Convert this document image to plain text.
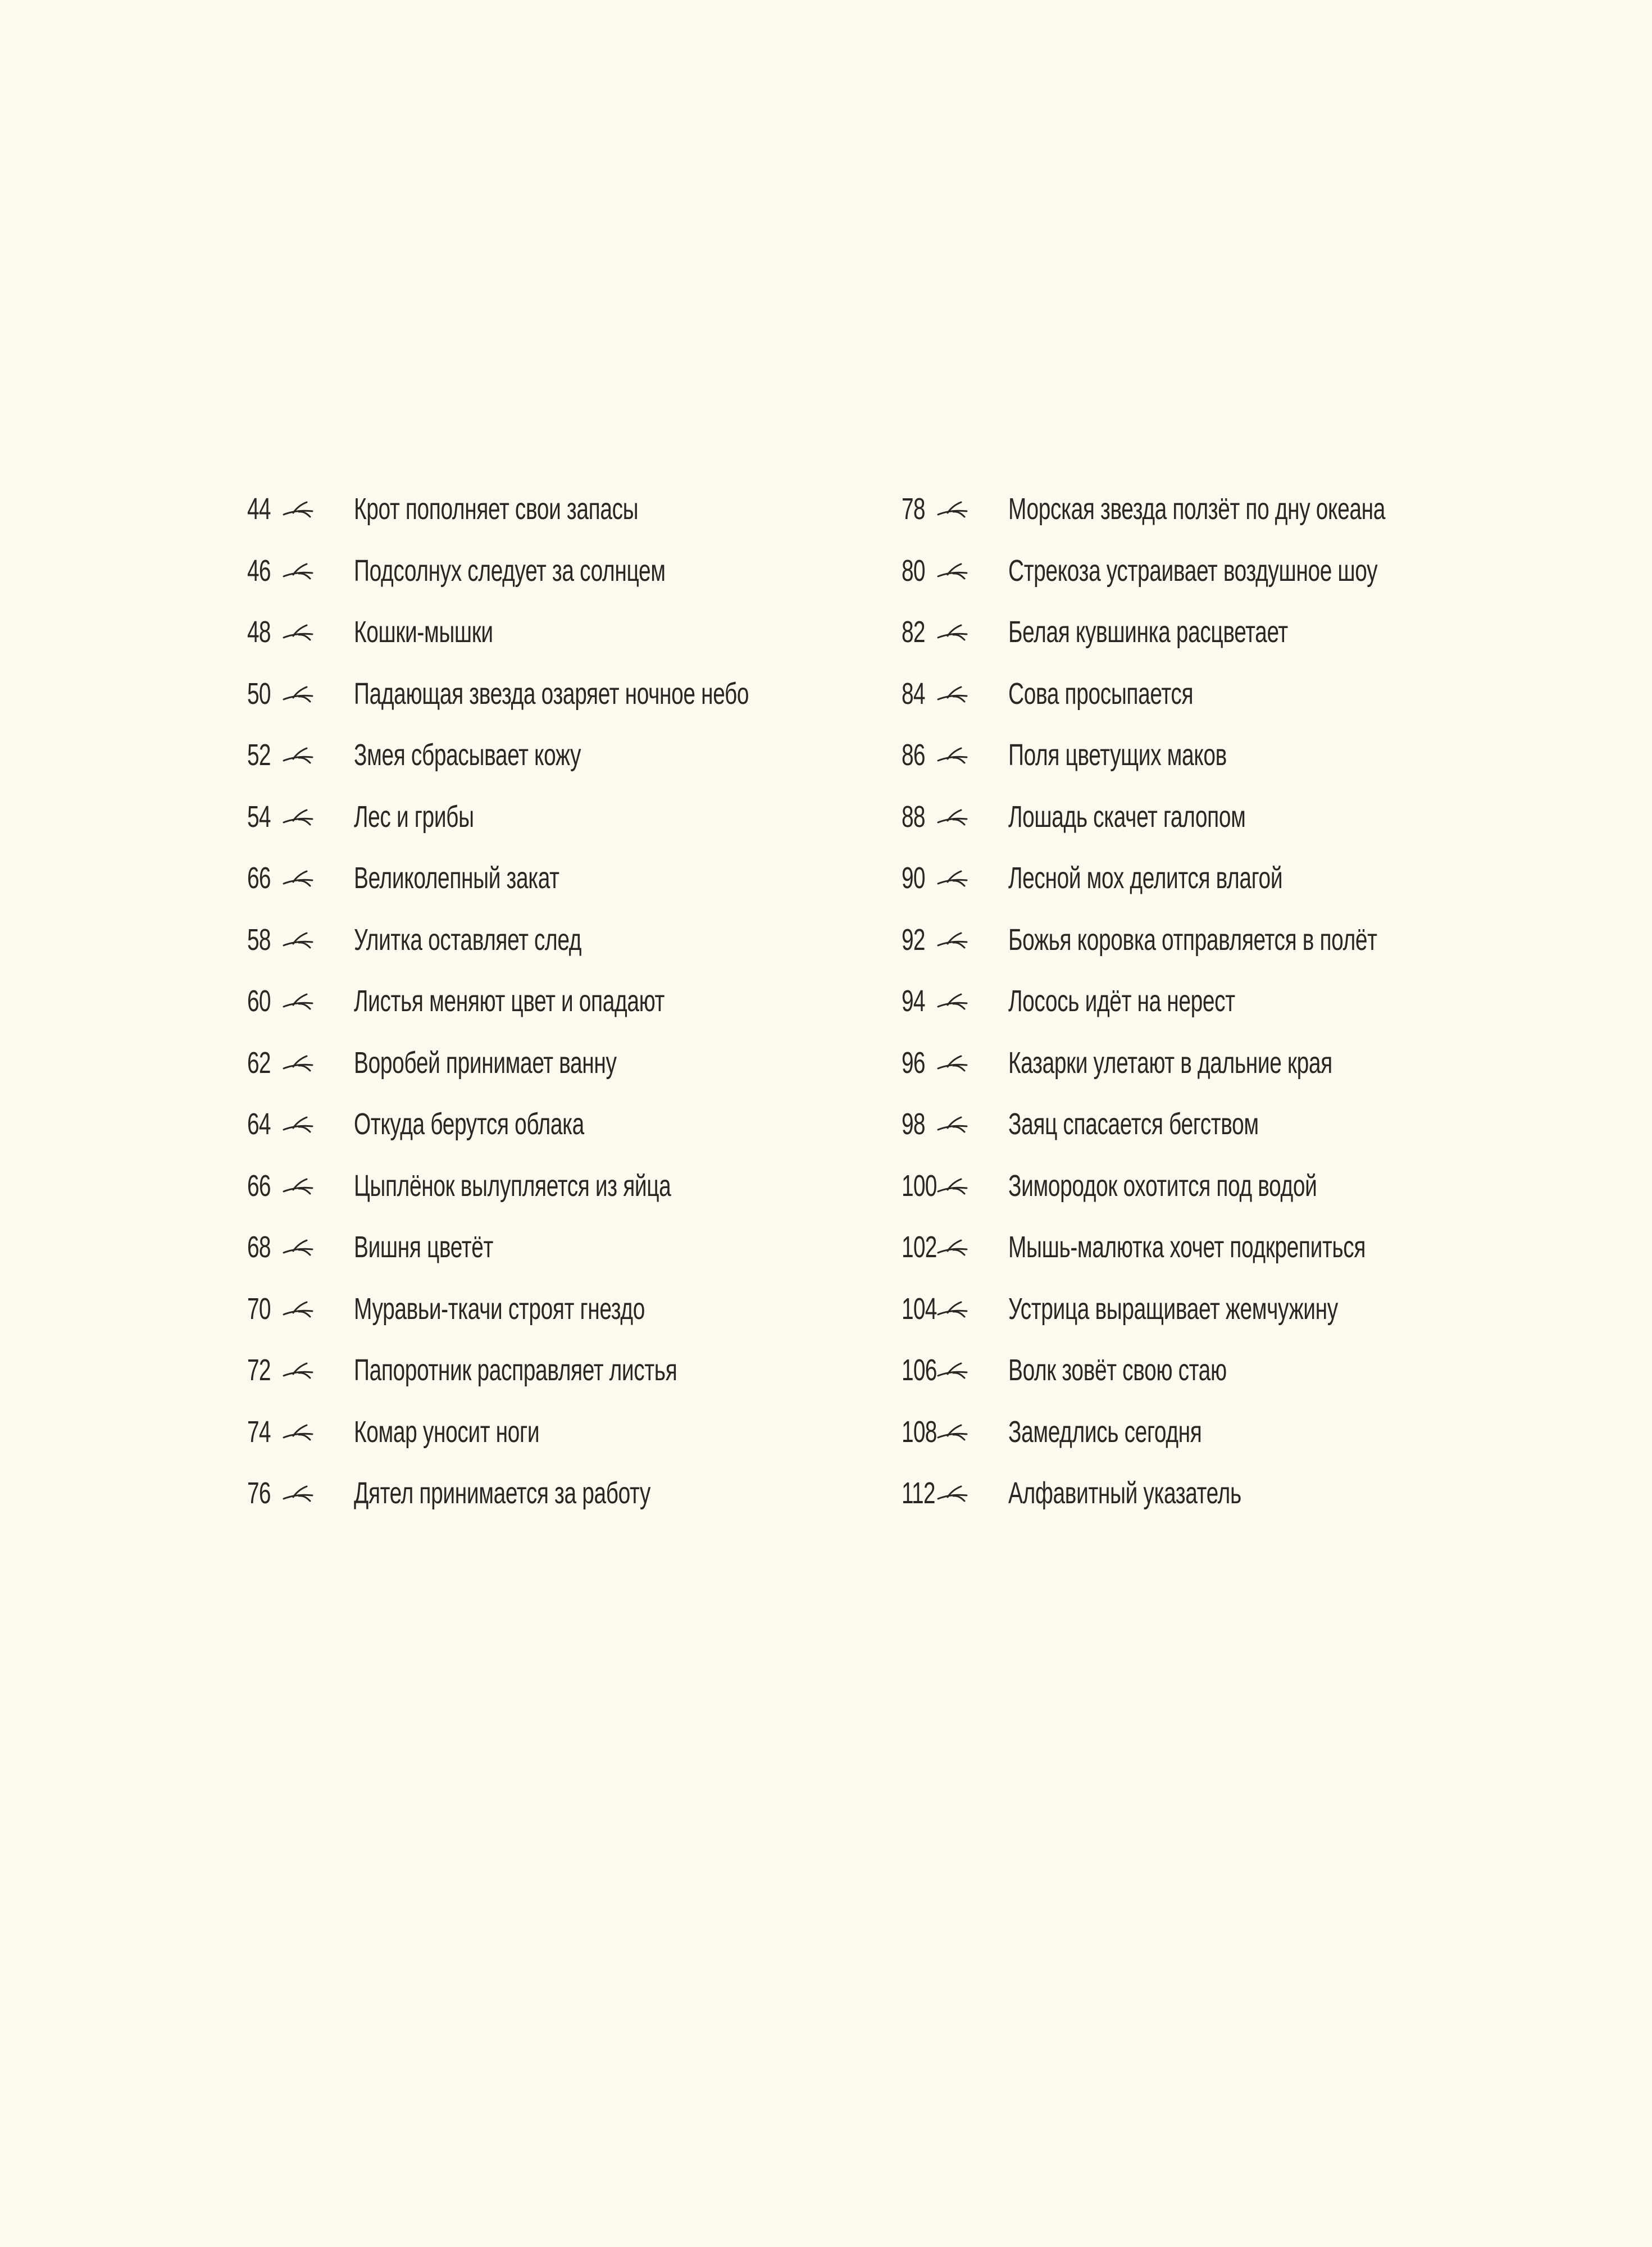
44	Крот пополняет свои запасы
46	Подсолнух следует за солнцем
48	Кошки-мышки
50	Падающая звезда озаряет ночное небо
52	Змея сбрасывает кожу
54	Лес и грибы
66	Великолепный закат
58	Улитка оставляет след
60	Листья меняют цвет и опадают
62	Воробей принимает ванну
64	Откуда берутся облака
66	Цыплёнок вылупляется из яйца
68	Вишня цветёт
70	Муравьи-ткачи строят гнездо
72	Папоротник расправляет листья
74	Комар уносит ноги
76	Дятел принимается за работу
78	Морская звезда ползёт по дну океана
80	Стрекоза устраивает воздушное шоу
82	Белая кувшинка расцветает
84	Сова просыпается
86	Поля цветущих маков
88	Лошадь скачет галопом
90	Лесной мох делится влагой
92	Божья коровка отправляется в полёт
94	Лосось идёт на нерест
96	Казарки улетают в дальние края
98	Заяц спасается бегством
100 Зимородок охотится под водой
102 Мышь-малютка хочет подкрепиться
104 Устрица выращивает жемчужину
106 Волк зовёт свою стаю
108 Замедлись сегодня
112 Алфавитный указатель
